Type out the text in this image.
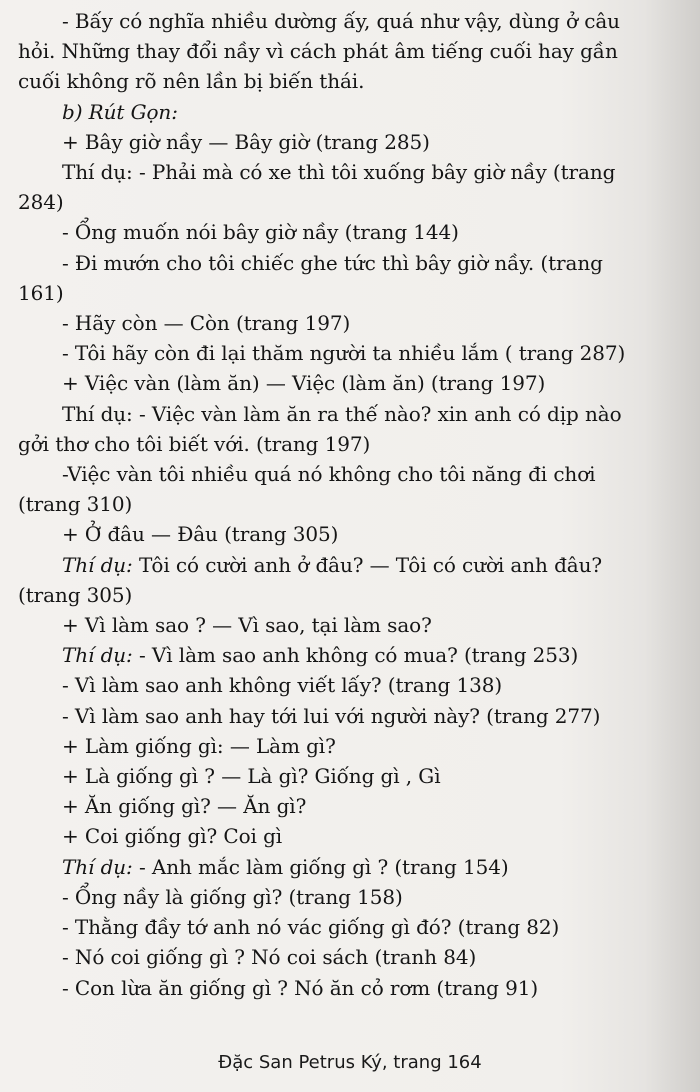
- Bấy có nghĩa nhiều dường ấy, quá như vậy, dùng ở câu
hỏi. Những thay đổi nầy vì cách phát âm tiếng cuối hay gần
cuối không rõ nên lần bị biến thái.
b) Rút Gọn:
+ Bây giờ nầy — Bây giờ (trang 285)
Thí dụ: - Phải mà có xe thì tôi xuống bây giờ nầy (trang
284)
- Ổng muốn nói bây giờ nầy (trang 144)
- Đi mướn cho tôi chiếc ghe tức thì bây giờ nầy. (trang
161)
- Hãy còn — Còn (trang 197)
- Tôi hãy còn đi lại thăm người ta nhiều lắm ( trang 287)
+ Việc vàn (làm ăn) — Việc (làm ăn) (trang 197)
Thí dụ: - Việc vàn làm ăn ra thế nào? xin anh có dịp nào
gởi thơ cho tôi biết với. (trang 197)
-Việc vàn tôi nhiều quá nó không cho tôi năng đi chơi
(trang 310)
+ Ở đâu — Đâu (trang 305)
Thí dụ: Tôi có cười anh ở đâu? — Tôi có cười anh đâu?
(trang 305)
+ Vì làm sao ? — Vì sao, tại làm sao?
Thí dụ: - Vì làm sao anh không có mua? (trang 253)
- Vì làm sao anh không viết lấy? (trang 138)
- Vì làm sao anh hay tới lui với người này? (trang 277)
+ Làm giống gì: — Làm gì?
+ Là giống gì ? — Là gì? Giống gì , Gì
+ Ăn giống gì? — Ăn gì?
+ Coi giống gì? Coi gì
Thí dụ: - Anh mắc làm giống gì ? (trang 154)
- Ổng nầy là giống gì? (trang 158)
- Thằng đầy tớ anh nó vác giống gì đó? (trang 82)
- Nó coi giống gì ? Nó coi sách (tranh 84)
- Con lừa ăn giống gì ? Nó ăn cỏ rơm (trang 91)
Đặc San Petrus Ký, trang 164
